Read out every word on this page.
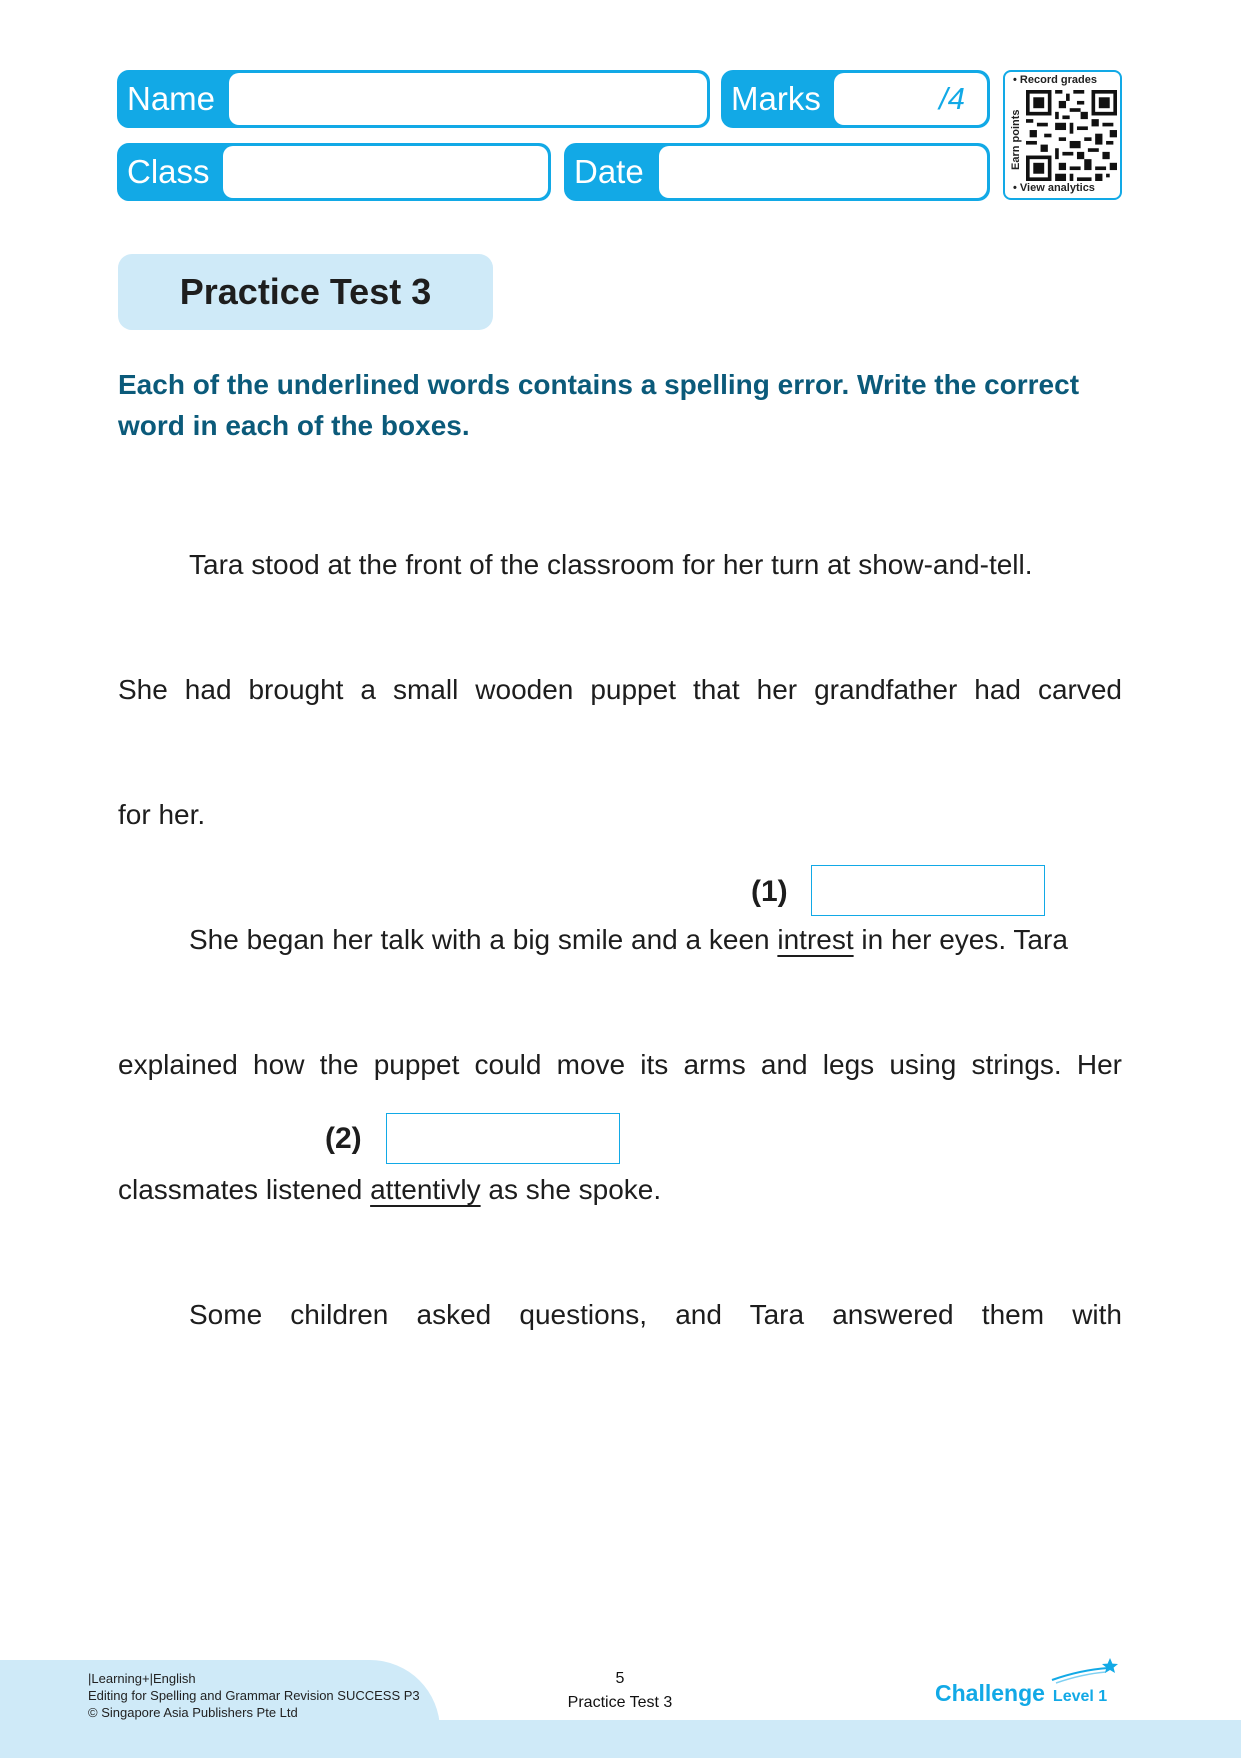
Name	Marks	/4
Class	Date
• Record grades
Earn points
• View analytics
Practice Test 3
Each of the underlined words contains a spelling error. Write the correct word in each of the boxes.
Tara stood at the front of the classroom for her turn at show-and-tell.
She had brought a small wooden puppet that her grandfather had carved
for her.
(1)
She began her talk with a big smile and a keen intrest in her eyes. Tara
explained how the puppet could move its arms and legs using strings. Her
(2)
classmates listened attentivly as she spoke.
Some children asked questions, and Tara answered them with
|Learning+|English
Editing for Spelling and Grammar Revision SUCCESS P3
© Singapore Asia Publishers Pte Ltd
5
Practice Test 3	Challenge Level 1
